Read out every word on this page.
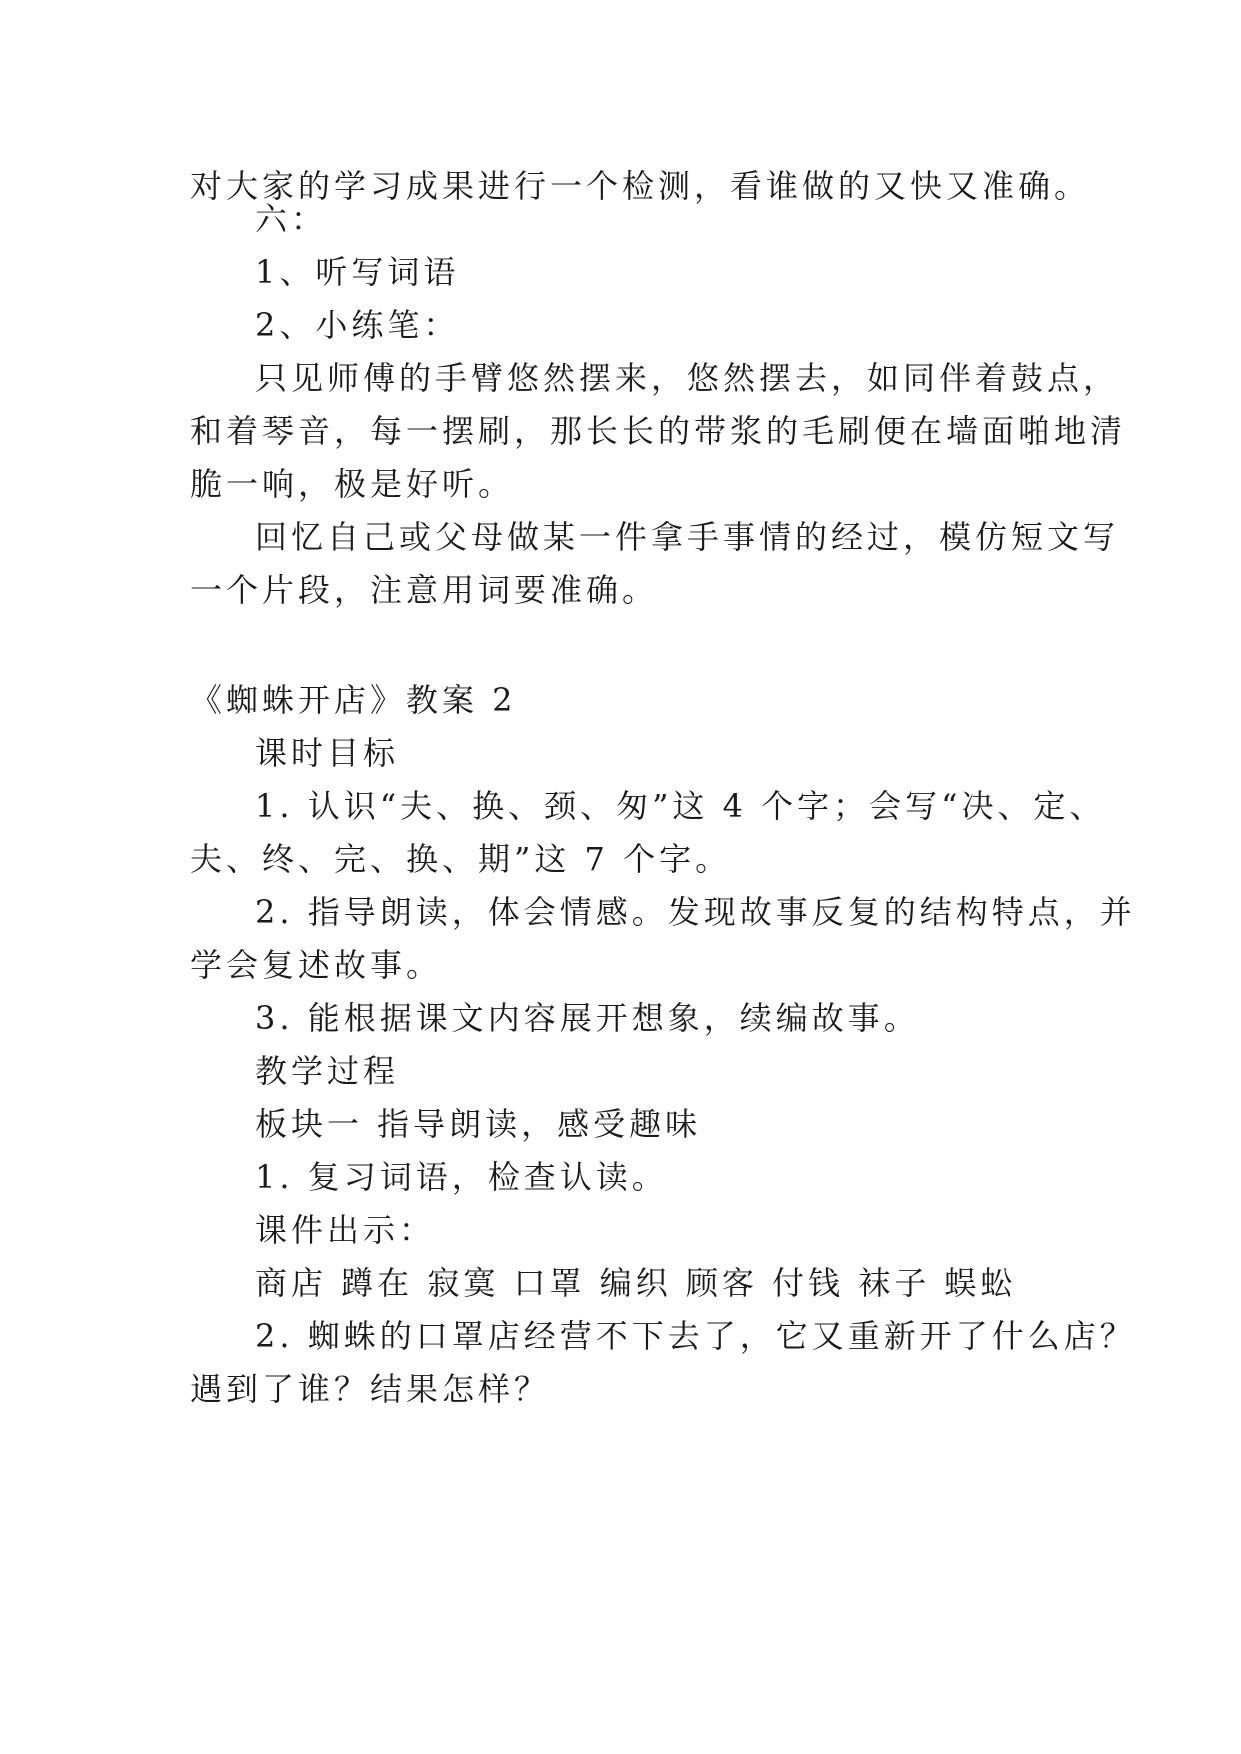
对大家的学习成果进行一个检测，看谁做的又快又准确。
六：
1、听写词语
2、小练笔：
只见师傅的手臂悠然摆来，悠然摆去，如同伴着鼓点，
和着琴音，每一摆刷，那长长的带浆的毛刷便在墙面啪地清
脆一响，极是好听。
回忆自己或父母做某一件拿手事情的经过，模仿短文写
一个片段，注意用词要准确。
《蜘蛛开店》教案 2
课时目标
1. 认识“夫、换、颈、匆”这 4 个字；会写“决、定、
夫、终、完、换、期”这 7 个字。
2. 指导朗读，体会情感。发现故事反复的结构特点，并
学会复述故事。
3. 能根据课文内容展开想象，续编故事。
教学过程
板块一 指导朗读，感受趣味
1. 复习词语，检查认读。
课件出示：
商店 蹲在 寂寞 口罩 编织 顾客 付钱 袜子 蜈蚣
2. 蜘蛛的口罩店经营不下去了，它又重新开了什么店？
遇到了谁？结果怎样？
